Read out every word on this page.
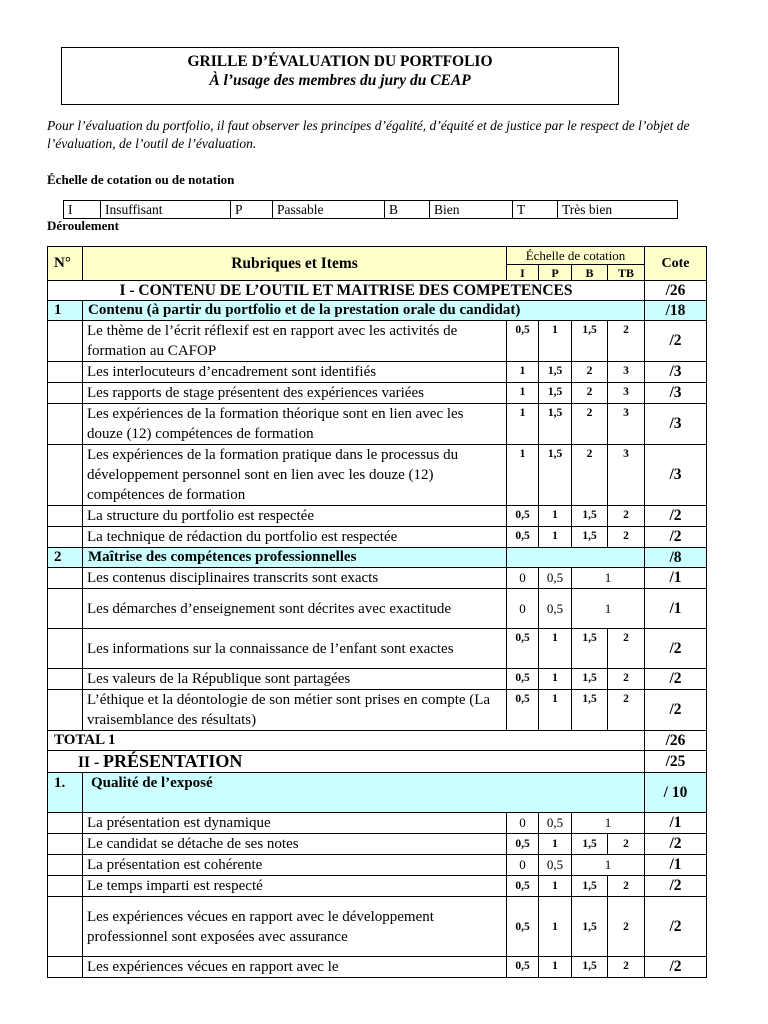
GRILLE D’ÉVALUATION DU PORTFOLIO
À l’usage des membres du jury du CEAP
Pour l’évaluation du portfolio, il faut observer les principes d’égalité, d’équité et de justice par le respect de l’objet de l’évaluation, de l’outil de l’évaluation.
Échelle de cotation ou de notation
I	Insuffisant	P	Passable	B	Bien	T	Très bien
Déroulement
N°	Rubriques et Items	Échelle de cotation				Cote
		I	P	B	TB	
I - CONTENU DE L’OUTIL ET MAITRISE DES COMPETENCES						/26
1	Contenu (à partir du portfolio et de la prestation orale du candidat)					/18
	Le thème de l’écrit réflexif est en rapport avec les activités de formation au CAFOP	0,5	1	1,5	2	/2
	Les interlocuteurs d’encadrement sont identifiés	1	1,5	2	3	/3
	Les rapports de stage présentent des expériences variées	1	1,5	2	3	/3
	Les expériences de la formation théorique sont en lien avec les douze (12) compétences de formation	1	1,5	2	3	/3
	Les expériences de la formation pratique dans le processus du développement personnel sont en lien avec les douze (12) compétences de formation	1	1,5	2	3	/3
	La structure du portfolio est respectée	0,5	1	1,5	2	/2
	La technique de rédaction du portfolio est respectée	0,5	1	1,5	2	/2
2	Maîtrise des compétences professionnelles					/8
	Les contenus disciplinaires transcrits sont exacts	0	0,5	1		/1
	Les démarches d’enseignement sont décrites avec exactitude	0	0,5	1		/1
	Les informations sur la connaissance de l’enfant sont exactes	0,5	1	1,5	2	/2
	Les valeurs de la République sont partagées	0,5	1	1,5	2	/2
	L’éthique et la déontologie de son métier sont prises en compte (La vraisemblance des résultats)	0,5	1	1,5	2	/2
TOTAL 1						/26
II - PRÉSENTATION						/25
1.	Qualité de l’exposé					/ 10
	La présentation est dynamique	0	0,5	1		/1
	Le candidat se détache de ses notes	0,5	1	1,5	2	/2
	La présentation est cohérente	0	0,5	1		/1
	Le temps imparti est respecté	0,5	1	1,5	2	/2
	Les expériences vécues en rapport avec le développement professionnel sont exposées avec assurance	0,5	1	1,5	2	/2
	Les expériences vécues en rapport avec le	0,5	1	1,5	2	/2
